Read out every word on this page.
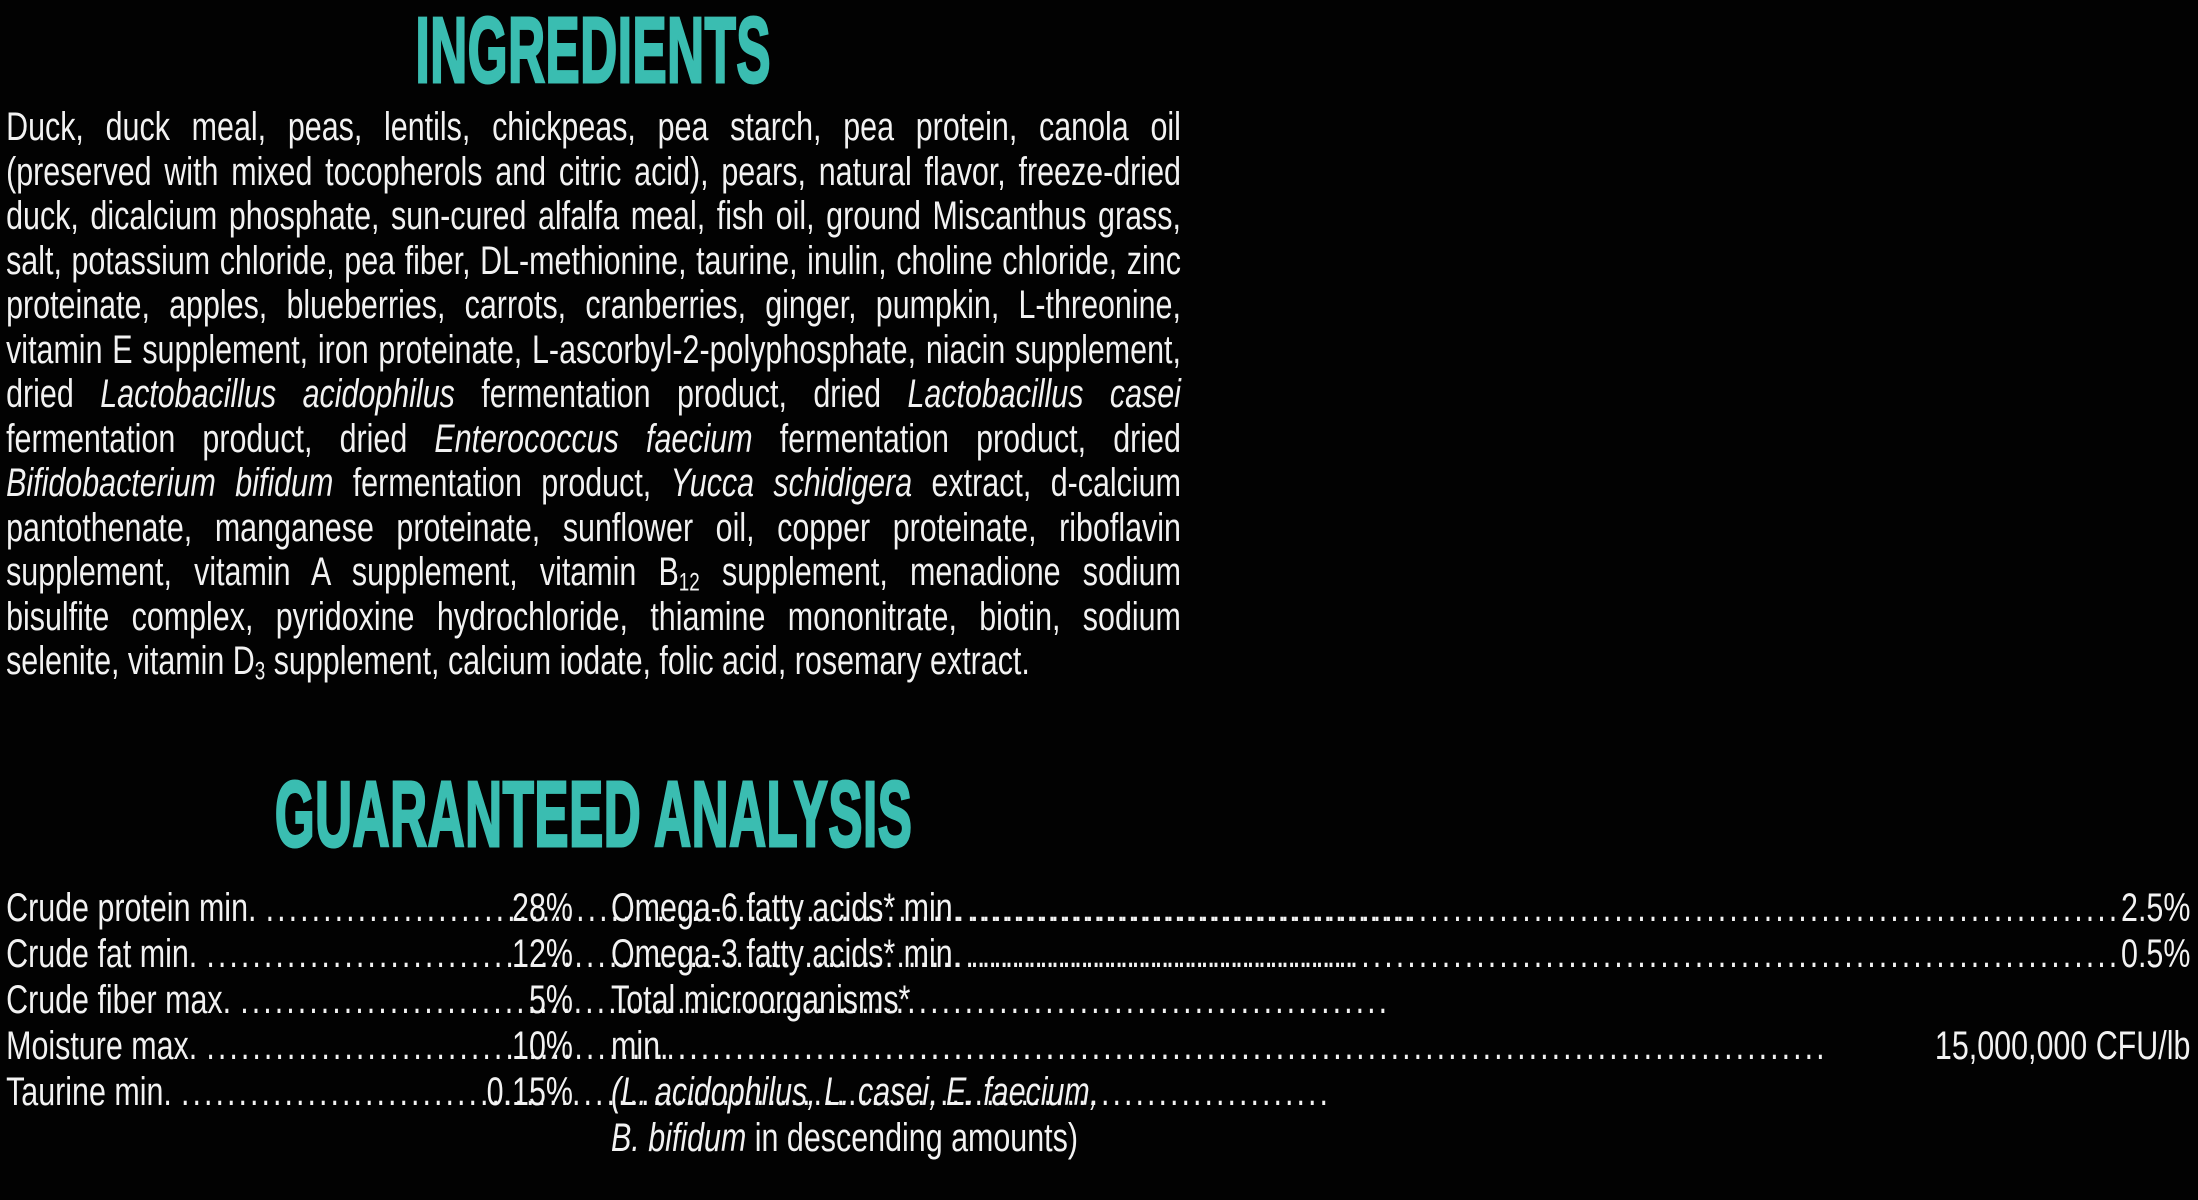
INGREDIENTS
Duck, duck meal, peas, lentils, chickpeas, pea starch, pea protein, canola oil (preserved with mixed tocopherols and citric acid), pears, natural flavor, freeze-dried duck, dicalcium phosphate, sun-cured alfalfa meal, fish oil, ground Miscanthus grass, salt, potassium chloride, pea fiber, DL-methionine, taurine, inulin, choline chloride, zinc proteinate, apples, blueberries, carrots, cranberries, ginger, pumpkin, L-threonine, vitamin E supplement, iron proteinate, L-ascorbyl-2-polyphosphate, niacin supplement, dried Lactobacillus acidophilus fermentation product, dried Lactobacillus casei fermentation product, dried Enterococcus faecium fermentation product, dried Bifidobacterium bifidum fermentation product, Yucca schidigera extract, d-calcium pantothenate, manganese proteinate, sunflower oil, copper proteinate, riboflavin supplement, vitamin A supplement, vitamin $B_{12}$ supplement, menadione sodium bisulfite complex, pyridoxine hydrochloride, thiamine mononitrate, biotin, sodium selenite, vitamin $D_3$ supplement, calcium iodate, folic acid, rosemary extract.
GUARANTEED ANALYSIS
Crude protein min. .....	28%
Crude fat min. .....	12%
Crude fiber max. .....	5%
Moisture max. .....	10%
Taurine min. .....	0.15%
Omega-6 fatty acids* min. .....	2.5%
Omega-3 fatty acids* min. .....	0.5%
Total microorganisms*
min. .....	15,000,000 CFU/lb
(L. acidophilus, L. casei, E. faecium,
B. bifidum in descending amounts)
